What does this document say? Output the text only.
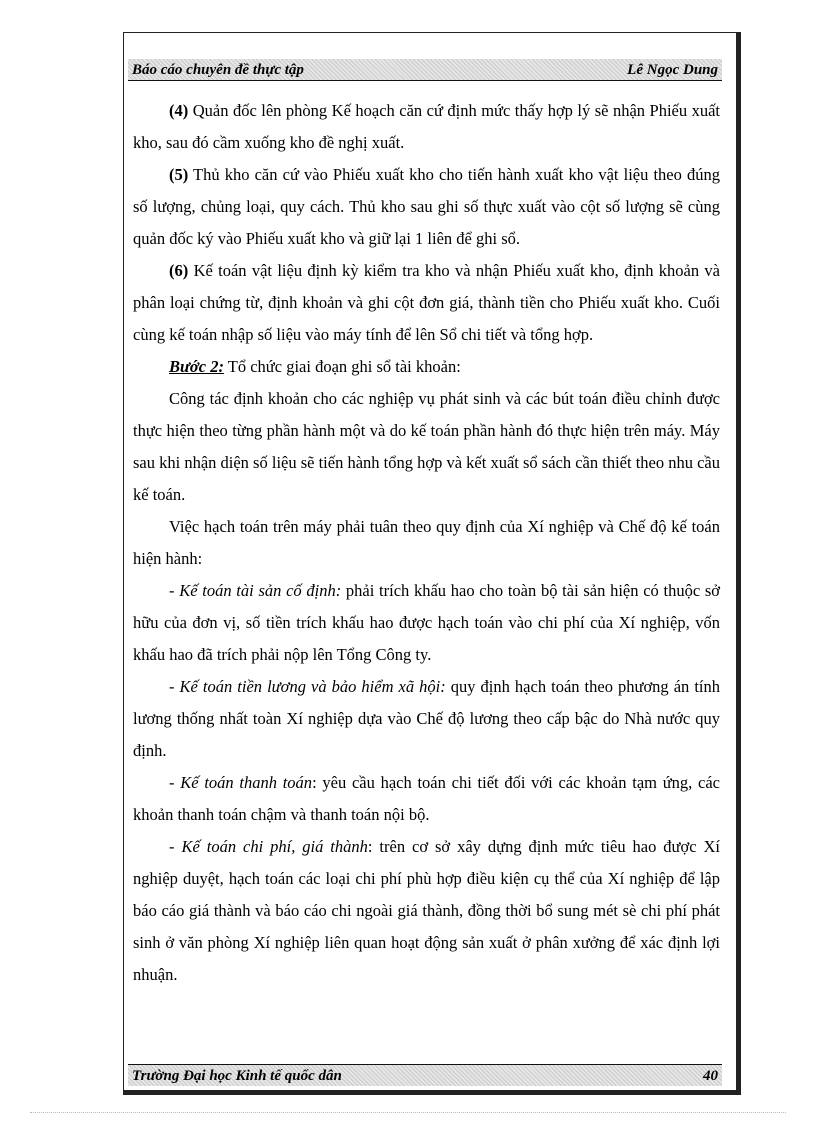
Báo cáo chuyên đề thực tập	Lê Ngọc Dung

(4) Quản đốc lên phòng Kế hoạch căn cứ định mức thấy hợp lý sẽ nhận Phiếu xuất kho, sau đó cầm xuống kho đề nghị xuất.

(5) Thủ kho căn cứ vào Phiếu xuất kho cho tiến hành xuất kho vật liệu theo đúng số lượng, chủng loại, quy cách. Thủ kho sau ghi số thực xuất vào cột số lượng sẽ cùng quản đốc ký vào Phiếu xuất kho và giữ lại 1 liên để ghi sổ.

(6) Kế toán vật liệu định kỳ kiểm tra kho và nhận Phiếu xuất kho, định khoản và phân loại chứng từ, định khoản và ghi cột đơn giá, thành tiền cho Phiếu xuất kho. Cuối cùng kế toán nhập số liệu vào máy tính để lên Sổ chi tiết và tổng hợp.

Bước 2: Tổ chức giai đoạn ghi sổ tài khoản:

Công tác định khoản cho các nghiệp vụ phát sinh và các bút toán điều chỉnh được thực hiện theo từng phần hành một và do kế toán phần hành đó thực hiện trên máy. Máy sau khi nhận diện số liệu sẽ tiến hành tổng hợp và kết xuất sổ sách cần thiết theo nhu cầu kế toán.

Việc hạch toán trên máy phải tuân theo quy định của Xí nghiệp và Chế độ kế toán hiện hành:

- Kế toán tài sản cố định: phải trích khấu hao cho toàn bộ tài sản hiện có thuộc sở hữu của đơn vị, số tiền trích khấu hao được hạch toán vào chi phí của Xí nghiệp, vốn khấu hao đã trích phải nộp lên Tổng Công ty.

- Kế toán tiền lương và bảo hiểm xã hội: quy định hạch toán theo phương án tính lương thống nhất toàn Xí nghiệp dựa vào Chế độ lương theo cấp bậc do Nhà nước quy định.

- Kế toán thanh toán: yêu cầu hạch toán chi tiết đối với các khoản tạm ứng, các khoản thanh toán chậm và thanh toán nội bộ.

- Kế toán chi phí, giá thành: trên cơ sở xây dựng định mức tiêu hao được Xí nghiệp duyệt, hạch toán các loại chi phí phù hợp điều kiện cụ thể của Xí nghiệp để lập báo cáo giá thành và báo cáo chi ngoài giá thành, đồng thời bổ sung mét sè chi phí phát sinh ở văn phòng Xí nghiệp liên quan hoạt động sản xuất ở phân xưởng để xác định lợi nhuận.

Trường Đại học Kinh tế quốc dân	40
